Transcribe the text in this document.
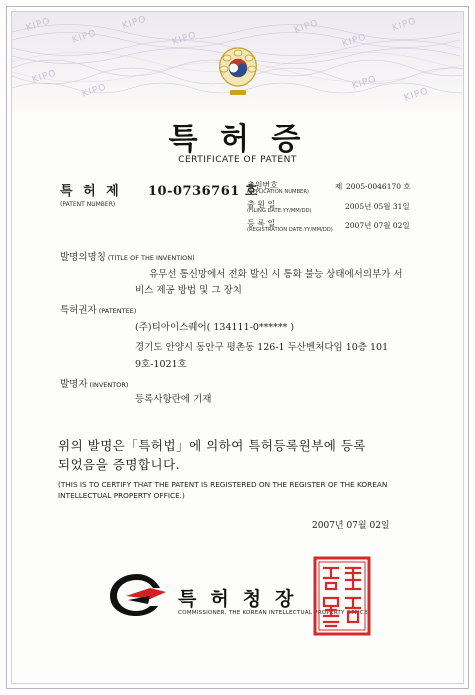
KIPO
KIPO
KIPO
KIPO
KIPO
KIPO
KIPO
KIPO
KIPO	KIPO
KIPO
특 허 증
CERTIFICATE OF PATENT
특 허 제 10-0736761 호
(PATENT NUMBER)
출원번호
(APPLICATION NUMBER)
제 2005-0046170 호
출 원 일
(FILING DATE:YY/MM/DD)	2005년 05월 31일
등 록 일
(REGISTRATION DATE:YY/MM/DD) 2007년 07월 02일
발명의명칭 (TITLE OF THE INVENTION)
유무선 통신망에서 전화 발신 시 통화 불능 상태에서의부가 서
비스 제공 방법 및 그 장치
특허권자 (PATENTEE)
(주)티아이스퀘어( 134111-0****** )
경기도 안양시 동안구 평촌동 126-1 두산벤처다임 10층 101
9호-1021호
발명자 (INVENTOR)
등록사항란에 기재
위의 발명은「특허법」에 의하여 특허등록원부에 등록
되었음을 증명합니다.
(THIS IS TO CERTIFY THAT THE PATENT IS REGISTERED ON THE REGISTER OF THE KOREAN
INTELLECTUAL PROPERTY OFFICE.)
2007년 07월 02일
특허청장
COMMISSIONER, THE KOREAN INTELLECTUAL PROPERTY OFFICE
